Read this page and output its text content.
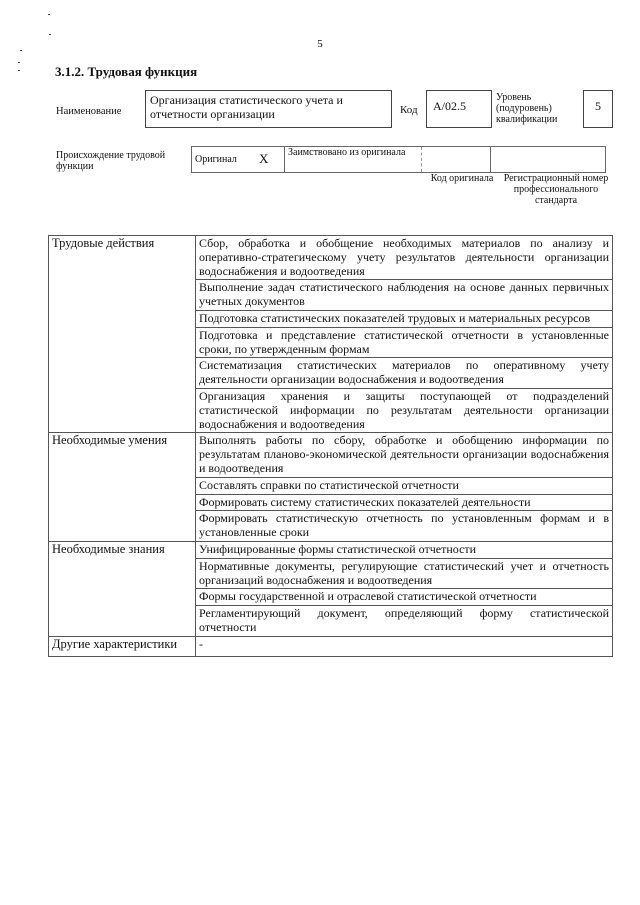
5
3.1.2. Трудовая функция
Наименование
Организация статистического учета и отчетности организации	Код	A/02.5
Уровень (подуровень) квалификации
5
Происхождение трудовой функции
Оригинал	X	Заимствовано из оригинала		
Код оригинала	Регистрационный номер профессионального стандарта
Трудовые действия	Сбор, обработка и обобщение необходимых материалов по анализу и оперативно-стратегическому учету результатов деятельности организации водоснабжения и водоотведения
	Выполнение задач статистического наблюдения на основе данных первичных учетных документов
	Подготовка статистических показателей трудовых и материальных ресурсов
	Подготовка и представление статистической отчетности в установленные сроки, по утвержденным формам
	Систематизация статистических материалов по оперативному учету деятельности организации водоснабжения и водоотведения
	Организация хранения и защиты поступающей от подразделений статистической информации по результатам деятельности организации водоснабжения и водоотведения
Необходимые умения	Выполнять работы по сбору, обработке и обобщению информации по результатам планово-экономической деятельности организации водоснабжения и водоотведения
	Составлять справки по статистической отчетности
	Формировать систему статистических показателей деятельности
	Формировать статистическую отчетность по установленным формам и в установленные сроки
Необходимые знания	Унифицированные формы статистической отчетности
	Нормативные документы, регулирующие статистический учет и отчетность организаций водоснабжения и водоотведения
	Формы государственной и отраслевой статистической отчетности
	Регламентирующий документ, определяющий форму статистической отчетности
Другие характеристики	-
